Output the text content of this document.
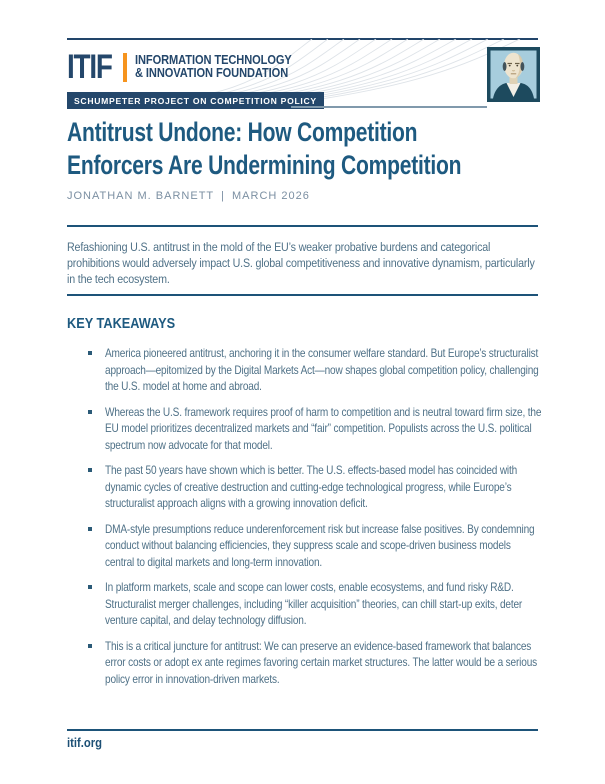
ITIF INFORMATION TECHNOLOGY
& INNOVATION FOUNDATION
SCHUMPETER PROJECT ON COMPETITION POLICY
Antitrust Undone: How Competition
Enforcers Are Undermining Competition
JONATHAN M. BARNETT | MARCH 2026

Refashioning U.S. antitrust in the mold of the EU’s weaker probative burdens and categorical prohibitions would adversely impact U.S. global competitiveness and innovative dynamism, particularly in the tech ecosystem.

KEY TAKEAWAYS
America pioneered antitrust, anchoring it in the consumer welfare standard. But Europe’s structuralist approach—epitomized by the Digital Markets Act—now shapes global competition policy, challenging the U.S. model at home and abroad.
Whereas the U.S. framework requires proof of harm to competition and is neutral toward firm size, the EU model prioritizes decentralized markets and “fair” competition. Populists across the U.S. political spectrum now advocate for that model.
The past 50 years have shown which is better. The U.S. effects-based model has coincided with dynamic cycles of creative destruction and cutting-edge technological progress, while Europe’s structuralist approach aligns with a growing innovation deficit.
DMA-style presumptions reduce underenforcement risk but increase false positives. By condemning conduct without balancing efficiencies, they suppress scale and scope-driven business models central to digital markets and long-term innovation.
In platform markets, scale and scope can lower costs, enable ecosystems, and fund risky R&D. Structuralist merger challenges, including “killer acquisition” theories, can chill start-up exits, deter venture capital, and delay technology diffusion.
This is a critical juncture for antitrust: We can preserve an evidence-based framework that balances error costs or adopt ex ante regimes favoring certain market structures. The latter would be a serious policy error in innovation-driven markets.
itif.org
